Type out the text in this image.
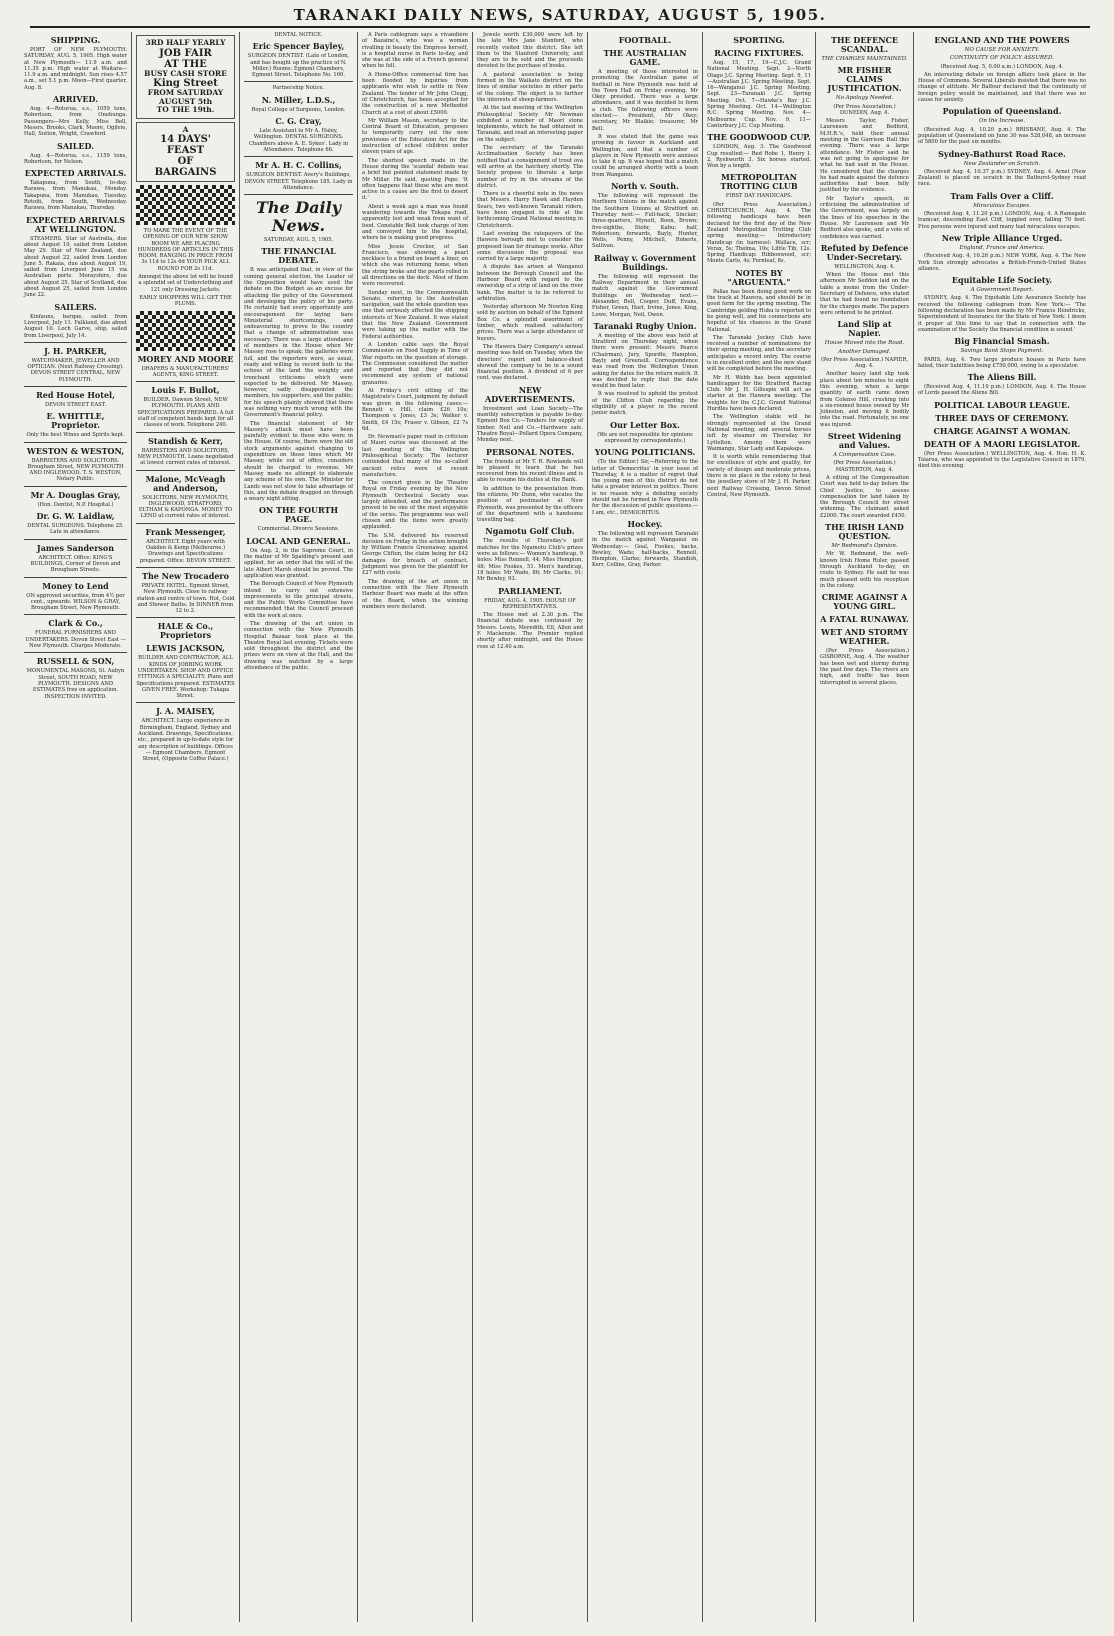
TARANAKI DAILY NEWS, SATURDAY, AUGUST 5, 1905.
SHIPPING.

PORT OF NEW PLYMOUTH. SATURDAY, AUG. 5, 1905. High water at New Plymouth— 11.9 a.m. and 11.35 p.m. High water at Waitara—11.9 a.m. and midnight. Sun rises 4.57 a.m., set 5.1 p.m. Moon—First quarter, Aug. 8.

ARRIVED.

Aug. 4—Rotorua, s.s., 1059 tons, Robertson, from Onehunga. Passengers—Mrs Kelly, Miss Bell, Messrs. Brooks, Clark, Moore, Ogilvie, Hall, Sutton, Wright, Crawford.

SAILED.

Aug. 4—Rotorua, s.s., 1159 tons, Robertson, for Nelson.

EXPECTED ARRIVALS.

Takapuna, from South, to-day. Rarawa, from Manukau, Monday. Takapuna, from Manukau, Tuesday. Rotoiti, from South, Wednesday. Rarawa, from Manukau, Thursday.

EXPECTED ARRIVALS AT WELLINGTON.

STEAMERS. Star of Australia, due about August 10, sailed from London May 29. Star of New Zealand, due about August 22, sailed from London June 5. Rakaia, due about August 19, sailed from Liverpool June 15 via Australian ports. Morayshire, due about August 25. Star of Scotland, due about August 25, sailed from London June 22.

SAILERS.

Kinfauns, barque, sailed from Liverpool, July 11. Falkland, due about August 10. Loch Garve, ship, sailed from Liverpool, July 14.

J. H. PARKER,

WATCHMAKER, JEWELLER AND OPTICIAN. (Next Railway Crossing). DEVON STREET CENTRAL, NEW PLYMOUTH.

Red House Hotel,

DEVON STREET EAST.

E. WHITTLE, Proprietor.

Only the best Wines and Spirits kept.

WESTON & WESTON,

BARRISTERS AND SOLICITORS. Brougham Street, NEW PLYMOUTH AND INGLEWOOD. T. S. WESTON, Notary Public.

Mr A. Douglas Gray,

(Hon. Dentist, N.P. Hospital.)

Dr. G. W. Laidlaw,

DENTAL SURGEONS. Telephone 25. Late in attendance.

James Sanderson

ARCHITECT. Office: KING'S BUILDINGS, Corner of Devon and Brougham Streets.

Money to Lend

ON approved securities, from 4½ per cent., upwards. WILSON & GRAY, Brougham Street, New Plymouth.

Clark & Co.,

FUNERAL FURNISHERS AND UNDERTAKERS. Devon Street East — New Plymouth. Charges Moderate.

RUSSELL & SON,

MONUMENTAL MASONS, St. Aubyn Street, SOUTH ROAD, NEW PLYMOUTH. DESIGNS AND ESTIMATES free on application. INSPECTION INVITED.

3RD HALF YEARLY
JOB FAIR
AT THE
BUSY CASH STORE
King Street
FROM SATURDAY AUGUST 5th
TO THE 19th.
A
14 DAYS'
FEAST
OF
BARGAINS

TO MARK THE EVENT OF THE OPENING OF OUR NEW SHOW ROOM WE ARE PLACING HUNDREDS OF ARTICLES IN THIS ROOM, RANGING IN PRICE FROM 3s 11d to 12s 6d YOUR PICK ALL ROUND FOR 2s 11d.

Amongst the above lot will be found a splendid set of Underclothing and 121 only Dressing Jackets.

EARLY SHOPPERS WILL GET THE PLUMS.

MOREY AND MOORE

DRAPERS & MANUFACTURERS' AGENTS, KING STREET.

Louis F. Bullot,

BUILDER, Dawson Street, NEW PLYMOUTH. PLANS AND SPECIFICATIONS PREPARED. A full staff of competent hands kept for all classes of work. Telephone 240.

Standish & Kerr,

BARRISTERS AND SOLICITORS, NEW PLYMOUTH. Loans negotiated at lowest current rates of interest.

Malone, McVeagh and Anderson,

SOLICITORS, NEW PLYMOUTH, INGLEWOOD, STRATFORD, ELTHAM & KAPONGA. MONEY TO LEND at current rates of interest.

Frank Messenger,

ARCHITECT. Eight years with Oakden & Kemp (Melbourne.) Drawings and Specifications prepared. Office: DEVON STREET.

The New Trocadero

PRIVATE HOTEL. Egmont Street, New Plymouth. Close to railway station and centre of town. Hot, Cold and Shower Baths. In DINNER from 12 to 2.

HALE & Co., Proprietors
LEWIS JACKSON,

BUILDER AND CONTRACTOR. ALL KINDS OF JOBBING WORK UNDERTAKEN. SHOP AND OFFICE FITTINGS A SPECIALITY. Plans and Specifications prepared. ESTIMATES GIVEN FREE. Workshop: Tukapa Street.

J. A. MAISEY,

ARCHITECT. Large experience in Birmingham, England, Sydney and Auckland. Drawings, Specifications, etc., prepared in up-to-date style for any description of buildings. Offices — Egmont Chambers, Egmont Street, (Opposite Coffee Palace.)

DENTAL NOTICE.

Eric Spencer Bayley,

SURGEON DENTIST. (Late of London, and has bought up the practice of N. Miller.) Rooms: Egmont Chambers, Egmont Street. Telephone No. 160.

Partnership Notice.

N. Miller, L.D.S.,

Royal College of Surgeons, London.

C. G. Cray,

Late Assistant to Mr A. Haley, Wellington. DENTAL SURGEONS. Chambers above A. E. Sykes'. Lady in Attendance. Telephone 66.

Mr A. H. C. Collins,

SURGEON DENTIST. Avery's Buildings, DEVON STREET. Telephone 185. Lady in Attendance.

The Daily News.

SATURDAY, AUG. 5, 1905.

THE FINANCIAL DEBATE.

It was anticipated that, in view of the coming general election, the Leader of the Opposition would have used the debate on the Budget as an excuse for attacking the policy of the Government and developing the policy of his party. He certainly had every opportunity and encouragement for laying bare Ministerial shortcomings, and endeavouring to prove to the country that a change of administration was necessary. There was a large attendance of members in the House when Mr Massey rose to speak; the galleries were full, and the reporters were, as usual, ready and willing to record both to the echoes of the land the weighty and trenchant criticisms which were expected to be delivered. Mr Massey, however, sadly disappointed the members, his supporters, and the public; for his speech plainly showed that there was nothing very much wrong with the Government's financial policy.

The financial statement of Mr Massey's attack must have been painfully evident to those who were in the House. Of course, there were the old stock arguments against changing to expenditure on those lines which Mr Massey, while out of office, considers should be charged to revenue. Mr Massey made no attempt to elaborate any scheme of his own. The Minister for Lands was not slow to take advantage of this, and the debate dragged on through a weary night sitting.

ON THE FOURTH PAGE.

Commercial. Divorce Sessions.

LOCAL AND GENERAL.

On Aug. 2, in the Supreme Court, in the matter of Mr Spalding's present and applied, for an order that the will of the late Albert Marsh should be proved. The application was granted.

The Borough Council of New Plymouth intend to carry out extensive improvements to the principal streets, and the Public Works Committee have recommended that the Council proceed with the work at once.

The drawing of the art union in connection with the New Plymouth Hospital Bazaar took place at the Theatre Royal last evening. Tickets were sold throughout the district and the prizes were on view at the Hall, and the drawing was watched by a large attendance of the public.

A Paris cablegram says a vivandière of Bazaine's, who was a woman rivalling in beauty the Empress herself, is a hospital nurse in Paris to-day, and she was at the side of a French general when he fell.

A Home-Office commercial firm has been flooded by inquiries from applicants who wish to settle in New Zealand. The tender of Mr John Clegg, of Christchurch, has been accepted for the construction of a new Methodist Church at a cost of about £5000.

Mr William Mason, secretary to the Central Board of Education, proposes to temporarily carry out the new provisions of the Education Act for the instruction of school children under eleven years of age.

The shortest speech made in the House during the 'scandal' debate was a brief but pointed statement made by Mr Millar. He said, quoting Pope: 'It often happens that those who are most active in a cause are the first to desert it.'

About a week ago a man was found wandering towards the Tukapa road, apparently lost and weak from want of food. Constable Bell took charge of him and conveyed him to the hospital, where he is making good progress.

Miss Jessie Crocker, of San Francisco, was showing a pearl necklace to a friend on board a liner, on which she was returning home, when the string broke and the pearls rolled in all directions on the deck. Most of them were recovered.

Sunday next, in the Commonwealth Senate, referring to the Australian navigation, said the whole question was one that seriously affected the shipping interests of New Zealand. It was stated that the New Zealand Government were taking up the matter with the Federal authorities.

A London cable says the Royal Commission on Food Supply in Time of War reports on the question of storage. The Commission considered the matter and reported that they did not recommend any system of national granaries.

At Friday's civil sitting of the Magistrate's Court, judgment by default was given in the following cases:— Bennett v. Hill, claim £26 10s; Thompson v. Jones, £3 3s; Walker v. Smith, £4 15s; Fraser v. Gibson, £2 7s 6d.

Dr. Newman's paper read in criticism of Maori curios was discussed at the last meeting of the Wellington Philosophical Society. The lecturer contended that many of the so-called ancient relics were of recent manufacture.

The concert given in the Theatre Royal on Friday evening by the New Plymouth Orchestral Society was largely attended, and the performance proved to be one of the most enjoyable of the series. The programme was well chosen and the items were greatly applauded.

The S.M. delivered his reserved decision on Friday in the action brought by William Francis Greenaway against George Clifton, the claim being for £42 damages for breach of contract. Judgment was given for the plaintiff for £27 with costs.

The drawing of the art union in connection with the New Plymouth Harbour Board was made at the office of the Board, when the winning numbers were declared.

Jewels worth £30,000 were left by the late Mrs Jane Stanford, who recently visited this district. She left them to the Stanford University, and they are to be sold and the proceeds devoted to the purchase of books.

A pastoral association is being formed in the Waikato district on the lines of similar societies in other parts of the colony. The object is to further the interests of sheep-farmers.

At the last meeting of the Wellington Philosophical Society Mr Newman exhibited a number of Maori stone implements, which he had obtained in Taranaki, and read an interesting paper on the subject.

The secretary of the Taranaki Acclimatisation Society has been notified that a consignment of trout ova will arrive at the hatchery shortly. The Society propose to liberate a large number of fry in the streams of the district.

There is a cheerful note in the news that Messrs. Harry Hawk and Hayden Sears, two well-known Taranaki riders, have been engaged to ride at the forthcoming Grand National meeting in Christchurch.

Last evening the ratepayers of the Hawera borough met to consider the proposed loan for drainage works. After some discussion the proposal was carried by a large majority.

A dispute has arisen at Wanganui between the Borough Council and the Harbour Board with regard to the ownership of a strip of land on the river bank. The matter is to be referred to arbitration.

Yesterday afternoon Mr Newton King sold by auction on behalf of the Egmont Box Co. a splendid assortment of timber, which realised satisfactory prices. There was a large attendance of buyers.

The Hawera Dairy Company's annual meeting was held on Tuesday, when the directors' report and balance-sheet showed the company to be in a sound financial position. A dividend of 6 per cent. was declared.

NEW ADVERTISEMENTS.

Investment and Loan Society—The monthly subscription is payable to-day. Egmont Box Co.—Tenders for supply of timber. Neil and Co.—Hardware sale. Theatre Royal—Pollard Opera Company, Monday next.

PERSONAL NOTES.

The friends of Mr T. R. Rowlands will be pleased to learn that he has recovered from his recent illness and is able to resume his duties at the Bank.

In addition to the presentation from the citizens, Mr Dunn, who vacates the position of postmaster at New Plymouth, was presented by the officers of the department with a handsome travelling bag.

Ngamotu Golf Club.

The results of Thursday's golf matches for the Ngamotu Club's prizes were as follows:— Women's handicap, 9 holes: Miss Rennell, 44; Miss Hempton, 48; Miss Fookes, 51. Men's handicap, 18 holes: Mr Wade, 86; Mr Clarke, 91; Mr Bewley, 93.

PARLIAMENT.

FRIDAY, AUG. 4, 1905. HOUSE OF REPRESENTATIVES.

The House met at 2.30 p.m. The financial debate was continued by Messrs. Lewis, Meredith, Ell, Allen and F. Mackenzie. The Premier replied shortly after midnight, and the House rose at 12.40 a.m.

FOOTBALL.
THE AUSTRALIAN GAME.

A meeting of those interested in promoting the Australian game of football in New Plymouth was held at the Town Hall on Friday evening. Mr Okey presided. There was a large attendance, and it was decided to form a club. The following officers were elected:— President, Mr Okey; secretary, Mr Blaikie; treasurer, Mr Bell.

It was stated that the game was growing in favour in Auckland and Wellington, and that a number of players in New Plymouth were anxious to take it up. It was hoped that a match could be arranged shortly with a team from Wanganui.

North v. South.

The following will represent the Northern Unions in the match against the Southern Unions at Stratford on Thursday next:— Full-back, Sinclair; three-quarters, Mynott, Boon, Brown; five-eighths, Stohr, Kahu; half, Robertson; forwards, Bayly, Hunter, Wells, Penny, Mitchell, Roberts, Sullivan.

Railway v. Government Buildings.

The following will represent the Railway Department in their annual match against the Government Buildings on Wednesday next:— Alexander, Bell, Cooper, Duff, Evans, Fisher, Green, Hart, Irvine, Jones, King, Lowe, Morgan, Neil, Owen.

Taranaki Rugby Union.

A meeting of the above was held at Stratford on Thursday night, when there were present: Messrs Pearce (Chairman), Jury, Spurdle, Hampton, Bayly and Greensill. Correspondence was read from the Wellington Union asking for dates for the return match. It was decided to reply that the date would be fixed later.

It was resolved to uphold the protest of the Clifton Club regarding the eligibility of a player in the recent junior match.

Our Letter Box.

(We are not responsible for opinions expressed by correspondents.)

YOUNG POLITICIANS.

(To the Editor.) Sir,—Referring to the letter of 'Democritus' in your issue of Thursday, it is a matter of regret that the young men of this district do not take a greater interest in politics. There is no reason why a debating society should not be formed in New Plymouth for the discussion of public questions.—I am, etc., DEMOCRITUS.

Hockey.

The following will represent Taranaki in the match against Wanganui on Wednesday:— Goal, Fookes; backs, Bewley, Wade; half-backs, Rennell, Hempton, Clarke; forwards, Standish, Kerr, Collins, Gray, Parker.

SPORTING.
RACING FIXTURES.

Aug. 15, 17, 19—C.J.C. Grand National Meeting. Sept. 2—North Otago J.C. Spring Meeting. Sept. 9, 11—Australian J.C. Spring Meeting. Sept. 16—Wanganui J.C. Spring Meeting. Sept. 23—Taranaki J.C. Spring Meeting. Oct. 7—Hawke's Bay J.C. Spring Meeting. Oct. 14—Wellington R.C. Spring Meeting. Nov. 4—Melbourne Cup. Nov. 9, 11—Canterbury J.C. Cup Meeting.

THE GOODWOOD CUP.

LONDON, Aug. 3. The Goodwood Cup resulted:— Red Robe 1, Henry I. 2, Ryshworth 3. Six horses started. Won by a length.

METROPOLITAN TROTTING CLUB

FIRST DAY HANDICAPS.

(Per Press Association.) CHRISTCHURCH, Aug. 4. The following handicaps have been declared for the first day of the New Zealand Metropolitan Trotting Club spring meeting:— Introductory Handicap (in harness): Wallace, scr; Verax, 5s; Thelma, 10s; Little Tib, 12s. Spring Handicap: Ribbonwood, scr; Monte Carlo, 4s; Fernleaf, 8s.

NOTES BY "ARGUENTA."

Pallas has been doing good work on the track at Hawera, and should be in good form for the spring meeting. The Cambridge gelding Huku is reported to be going well, and his connections are hopeful of his chances in the Grand National.

The Taranaki Jockey Club have received a number of nominations for their spring meeting, and the secretary anticipates a record entry. The course is in excellent order, and the new stand will be completed before the meeting.

Mr H. Webb has been appointed handicapper for the Stratford Racing Club. Mr J. H. Gillespie will act as starter at the Hawera meeting. The weights for the C.J.C. Grand National Hurdles have been declared.

The Wellington stable will be strongly represented at the Grand National meeting, and several horses left by steamer on Thursday for Lyttelton. Among them were Waimangu, Star Lady and Kapakapa.

It is worth while remembering that for excellence of style and quality, for variety of design and moderate prices, there is no place in the colony to beat the jewellery store of Mr J. H. Parker, next Railway Crossing, Devon Street Central, New Plymouth.

THE DEFENCE SCANDAL.

THE CHARGES MAINTAINED.

MR FISHER CLAIMS JUSTIFICATION.

No Apology Needed.

(Per Press Association.) DUNEDIN, Aug. 4.

Messrs Taylor, Fisher, Laurenson and Bedford, M.H.R.'s, held their annual meeting in the Garrison Hall this evening. There was a large attendance. Mr Fisher said he was not going to apologise for what he had said in the House. He considered that the charges he had made against the defence authorities had been fully justified by the evidence.

Mr Taylor's speech, in criticising the administration of the Government, was largely on the lines of his speeches in the House. Mr Laurenson and Mr Bedford also spoke, and a vote of confidence was carried.

Refuted by Defence Under-Secretary.

WELLINGTON, Aug. 4.

When the House met this afternoon Mr Seddon laid on the table a memo from the Under-Secretary of Defence, who stated that he had found no foundation for the charges made. The papers were ordered to be printed.

Land Slip at Napier.

House Moved into the Road.

Another Damaged.

(Per Press Association.) NAPIER, Aug. 4.

Another heavy land slip took place about ten minutes to eight this evening, when a large quantity of earth came down from Colenso Hill, crushing into a six-roomed house owned by Mr Johnston, and moving it bodily into the road. Fortunately, no one was injured.

Street Widening and Values.

A Compensation Case.

(Per Press Association.) MASTERTON, Aug. 4.

A sitting of the Compensation Court was held to-day before the Chief Justice, to assess compensation for land taken by the Borough Council for street widening. The claimant asked £2000. The court awarded £450.

THE IRISH LAND QUESTION.

Mr Redmond's Opinion.

Mr W. Redmond, the well-known Irish Home Ruler, passed through Auckland to-day, en route to Sydney. He said he was much pleased with his reception in the colony.

CRIME AGAINST A YOUNG GIRL.
A FATAL RUNAWAY.
WET AND STORMY WEATHER.

(Per Press Association.) GISBORNE, Aug. 4. The weather has been wet and stormy during the past few days. The rivers are high, and traffic has been interrupted in several places.

ENGLAND AND THE POWERS

NO CAUSE FOR ANXIETY.

CONTINUITY OF POLICY ASSURED.

(Received Aug. 5, 0.00 a.m.) LONDON, Aug. 4.

An interesting debate on foreign affairs took place in the House of Commons. Several Liberals insisted that there was no change of attitude. Mr Balfour declared that the continuity of foreign policy would be maintained, and that there was no cause for anxiety.

Population of Queensland.

On the Increase.

(Received Aug. 4, 10.20 p.m.) BRISBANE, Aug. 4. The population of Queensland on June 30 was 528,048, an increase of 5800 for the past six months.

Sydney-Bathurst Road Race.

New Zealander on Scratch.

(Received Aug. 4, 10.37 p.m.) SYDNEY, Aug. 4. Arnst (New Zealand) is placed on scratch in the Bathurst-Sydney road race.

Tram Falls Over a Cliff.

Miraculous Escapes.

(Received Aug. 4, 11.20 p.m.) LONDON, Aug. 4. A Ramsgate tramcar, descending East Cliff, toppled over, falling 70 feet. Five persons were injured and many had miraculous escapes.

New Triple Alliance Urged.

England, France and America.

(Received Aug. 4, 10.26 p.m.) NEW YORK, Aug. 4. The New York Sun strongly advocates a British-French-United States alliance.

Equitable Life Society.

A Government Report.

SYDNEY, Aug. 4. The Equitable Life Assurance Society has received the following cablegram from New York:— 'The following declaration has been made by Mr Francis Hendricks, Superintendent of Insurance for the State of New York: I deem it proper at this time to say that in connection with the examination of the Society the financial condition is sound.'

Big Financial Smash.

Savings Bank Stops Payment.

PARIS, Aug. 4. Two large produce houses in Paris have failed, their liabilities being £750,000, owing to a speculator.

The Aliens Bill.

(Received Aug. 4, 11.10 p.m.) LONDON, Aug. 4. The House of Lords passed the Aliens Bill.

POLITICAL LABOUR LEAGUE.
THREE DAYS OF CEREMONY.
CHARGE AGAINST A WOMAN.
DEATH OF A MAORI LEGISLATOR.

(Per Press Association.) WELLINGTON, Aug. 4. Hon. H. K. Taiaroa, who was appointed to the Legislative Council in 1879, died this evening.
